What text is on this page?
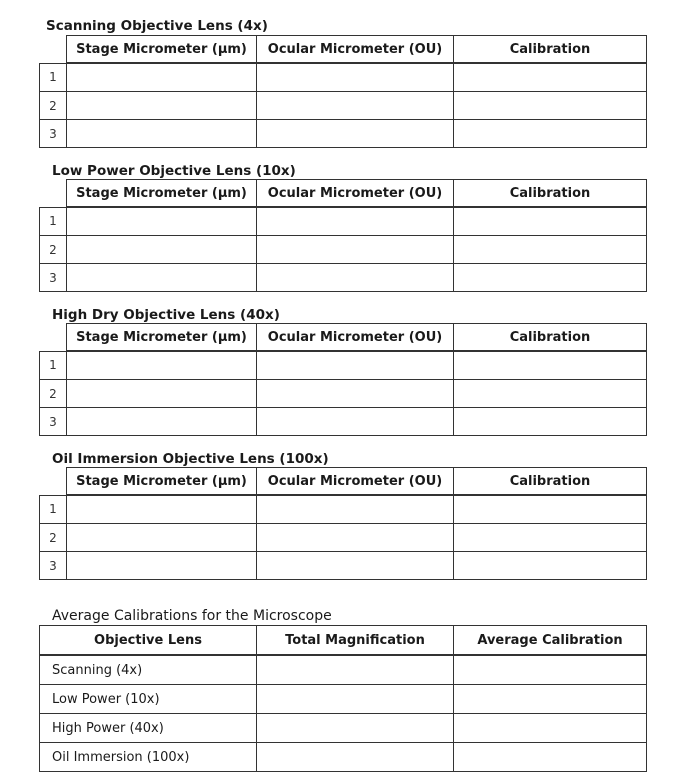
Scanning Objective Lens (4x)
	Stage Micrometer (µm)	Ocular Micrometer (OU)	Calibration
1			
2			
3			
Low Power Objective Lens (10x)
	Stage Micrometer (µm)	Ocular Micrometer (OU)	Calibration
1			
2			
3			
High Dry Objective Lens (40x)
	Stage Micrometer (µm)	Ocular Micrometer (OU)	Calibration
1			
2			
3			
Oil Immersion Objective Lens (100x)
	Stage Micrometer (µm)	Ocular Micrometer (OU)	Calibration
1			
2			
3			
Average Calibrations for the Microscope
Objective Lens	Total Magnification	Average Calibration
Scanning (4x)		
Low Power (10x)		
High Power (40x)		
Oil Immersion (100x)		
